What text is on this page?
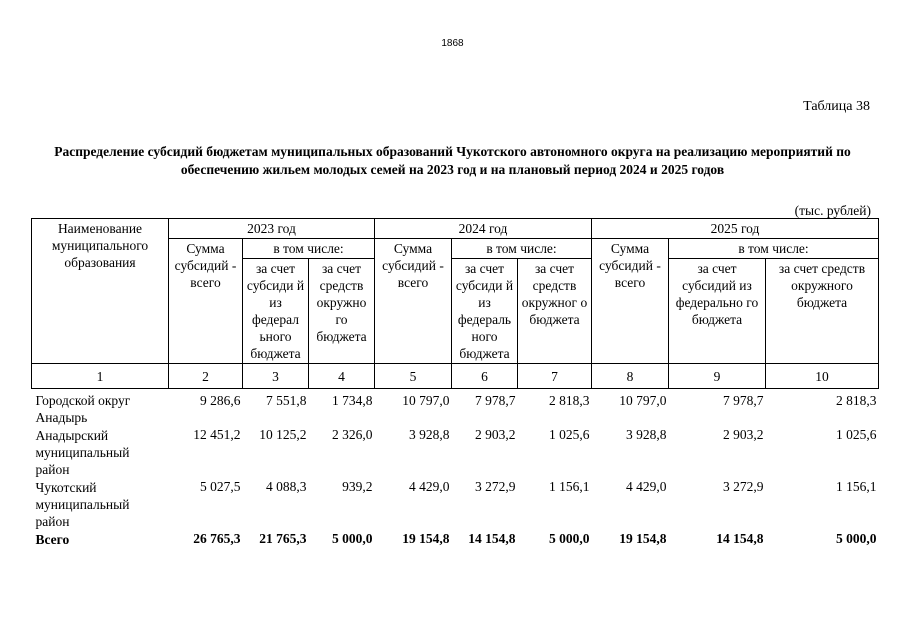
1868
Таблица 38
Распределение субсидий бюджетам муниципальных образований Чукотского автономного округа на реализацию мероприятий по обеспечению жильем молодых семей на 2023 год и на плановый период 2024 и 2025 годов
(тыс. рублей)
Наименование муниципального образования	2023 год			2024 год			2025 год		
	Сумма субсидий - всего	в том числе:		Сумма субсидий - всего	в том числе:		Сумма субсидий - всего	в том числе:	
		за счет субсиди й из федерал ьного бюджета	за счет средств окружно го бюджета		за счет субсиди й из федераль ного бюджета	за счет средств окружног о бюджета		за счет субсидий из федерально го бюджета	за счет средств окружного бюджета
1	2	3	4	5	6	7	8	9	10
Городской округ Анадырь	9 286,6	7 551,8	1 734,8	10 797,0	7 978,7	2 818,3	10 797,0	7 978,7	2 818,3
Анадырский муниципальный район	12 451,2	10 125,2	2 326,0	3 928,8	2 903,2	1 025,6	3 928,8	2 903,2	1 025,6
Чукотский муниципальный район	5 027,5	4 088,3	939,2	4 429,0	3 272,9	1 156,1	4 429,0	3 272,9	1 156,1
Всего	26 765,3	21 765,3	5 000,0	19 154,8	14 154,8	5 000,0	19 154,8	14 154,8	5 000,0
